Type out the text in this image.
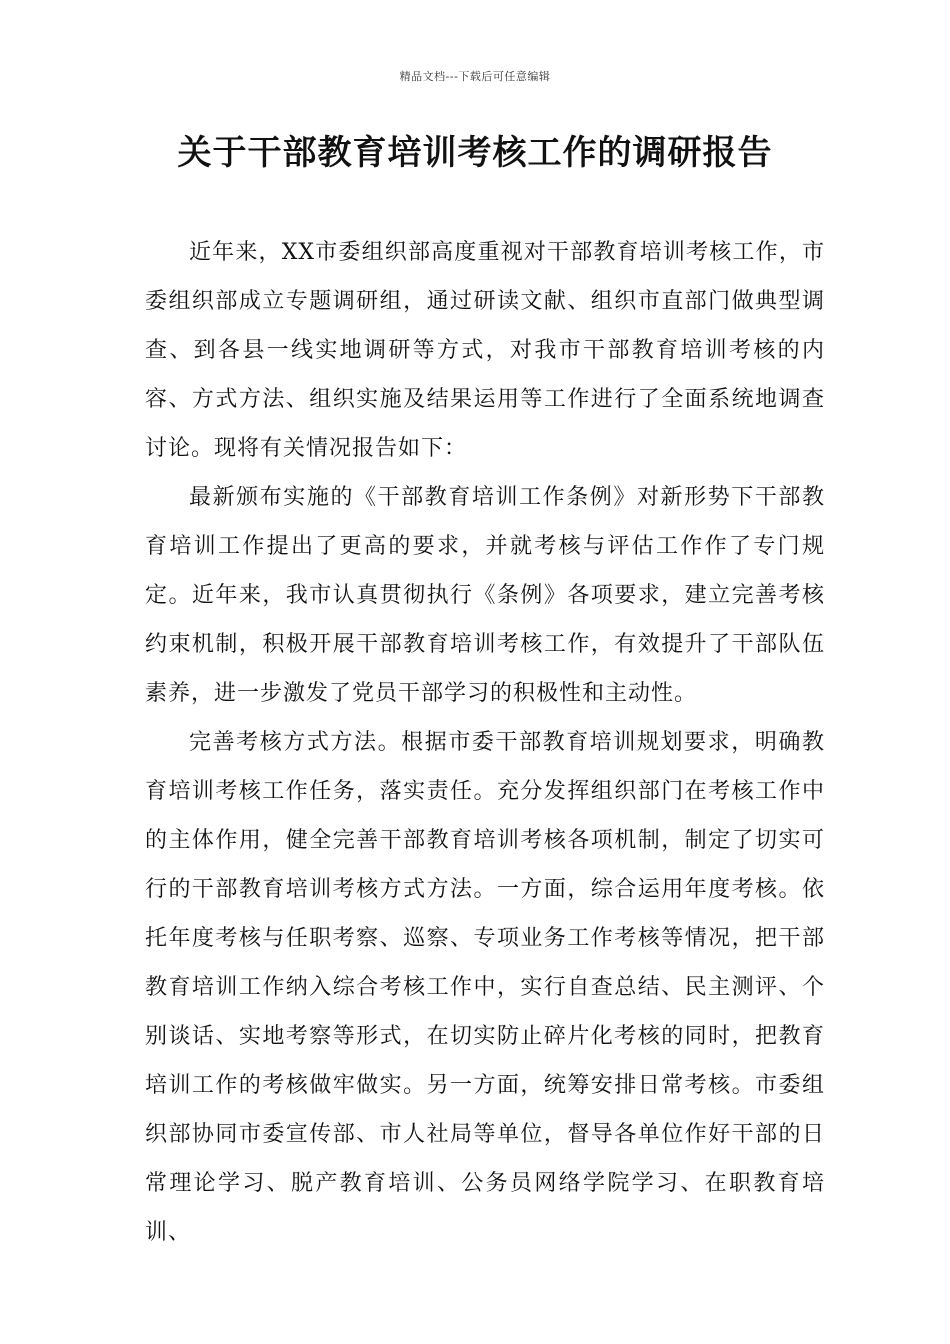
精品文档---下载后可任意编辑
关于干部教育培训考核工作的调研报告

近年来，XX市委组织部高度重视对干部教育培训考核工作，市委组织部成立专题调研组，通过研读文献、组织市直部门做典型调查、到各县一线实地调研等方式，对我市干部教育培训考核的内容、方式方法、组织实施及结果运用等工作进行了全面系统地调查讨论。现将有关情况报告如下：

最新颁布实施的《干部教育培训工作条例》对新形势下干部教育培训工作提出了更高的要求，并就考核与评估工作作了专门规定。近年来，我市认真贯彻执行《条例》各项要求，建立完善考核约束机制，积极开展干部教育培训考核工作，有效提升了干部队伍素养，进一步激发了党员干部学习的积极性和主动性。

完善考核方式方法。根据市委干部教育培训规划要求，明确教育培训考核工作任务，落实责任。充分发挥组织部门在考核工作中的主体作用，健全完善干部教育培训考核各项机制，制定了切实可行的干部教育培训考核方式方法。一方面，综合运用年度考核。依托年度考核与任职考察、巡察、专项业务工作考核等情况，把干部教育培训工作纳入综合考核工作中，实行自查总结、民主测评、个别谈话、实地考察等形式，在切实防止碎片化考核的同时，把教育培训工作的考核做牢做实。另一方面，统筹安排日常考核。市委组织部协同市委宣传部、市人社局等单位，督导各单位作好干部的日常理论学习、脱产教育培训、公务员网络学院学习、在职教育培训、
